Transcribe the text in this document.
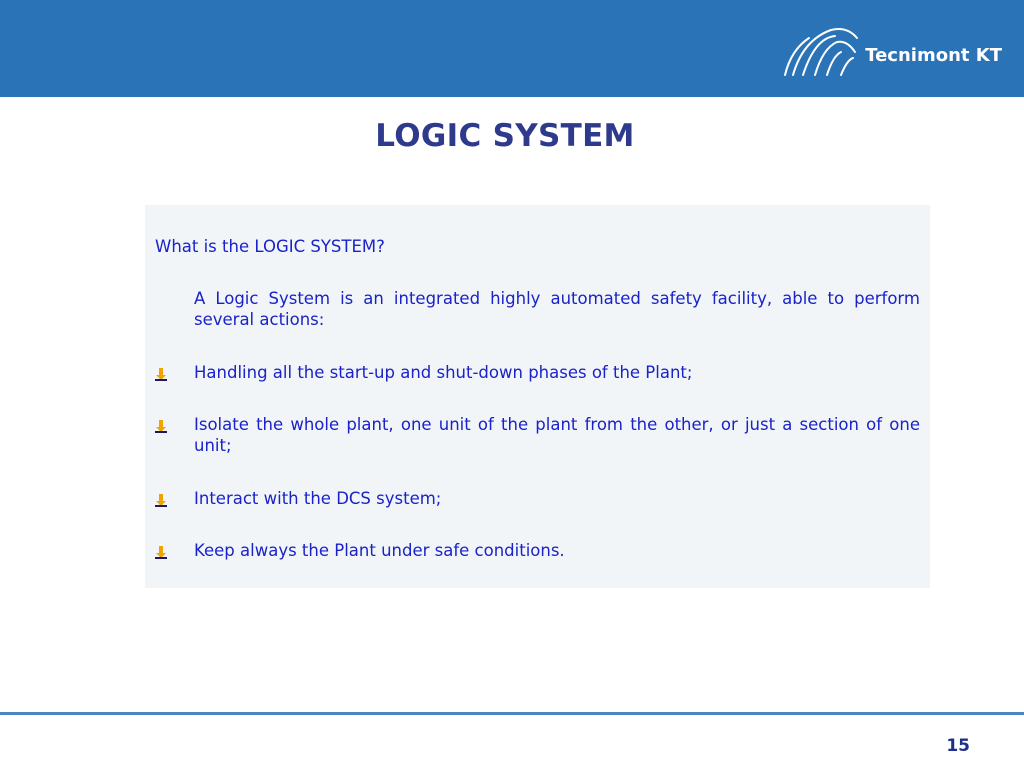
Tecnimont KT
LOGIC SYSTEM
What is the LOGIC SYSTEM?
A Logic System is an integrated highly automated safety facility, able to perform several actions:
Handling all the start-up and shut-down phases of the Plant;
Isolate the whole plant, one unit of the plant from the other, or just a section of one unit;
Interact with the DCS system;
Keep always the Plant under safe conditions.
15
